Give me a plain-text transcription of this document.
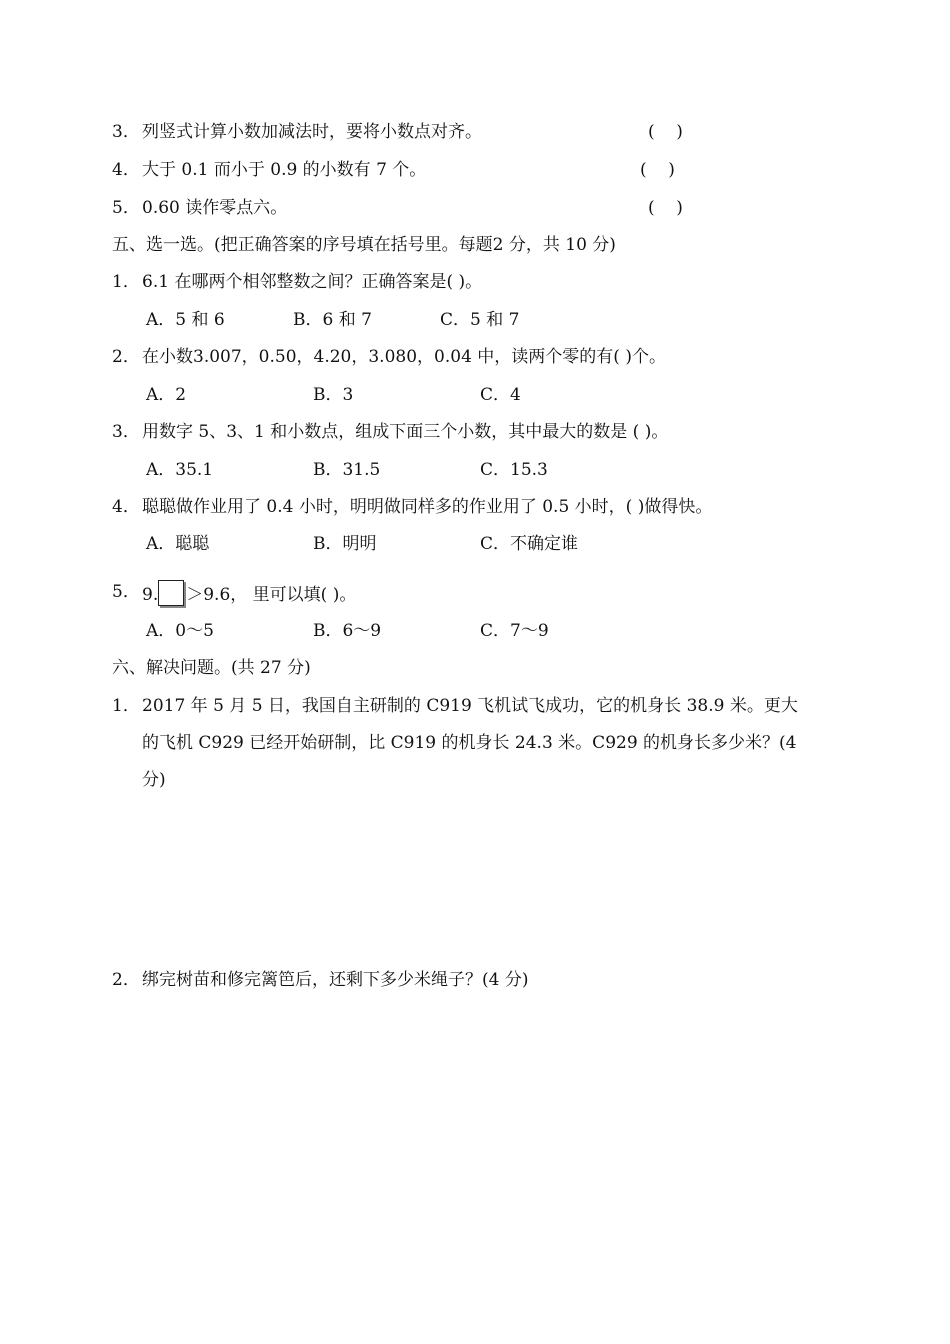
3． 列竖式计算小数加减法时，要将小数点对齐。	(    )
4． 大于 0.1 而小于 0.9 的小数有 7 个。	(    )
5． 0.60 读作零点六。	(    )
五、选一选。(把正确答案的序号填在括号里。每题2 分，共 10 分)
1． 6.1 在哪两个相邻整数之间？正确答案是( )。
A．5 和 6	B．6 和 7	C．5 和 7
2． 在小数3.007，0.50，4.20，3.080，0.04 中，读两个零的有( )个。
A．2	B．3	C．4
3． 用数字 5、3、1 和小数点，组成下面三个小数，其中最大的数是 ( )。
A．35.1	B．31.5	C．15.3
4． 聪聪做作业用了 0.4 小时，明明做同样多的作业用了 0.5 小时，( )做得快。
A．聪聪	B．明明	C．不确定谁
5． 9. ＞9.6， 里可以填( )。
A．0～5	B．6～9	C．7～9
六、解决问题。(共 27 分)
1． 2017 年 5 月 5 日，我国自主研制的 C919 飞机试飞成功，它的机身长 38.9 米。更大
的飞机 C929 已经开始研制，比 C919 的机身长 24.3 米。C929 的机身长多少米？(4
分)
2． 绑完树苗和修完篱笆后，还剩下多少米绳子？(4 分)
